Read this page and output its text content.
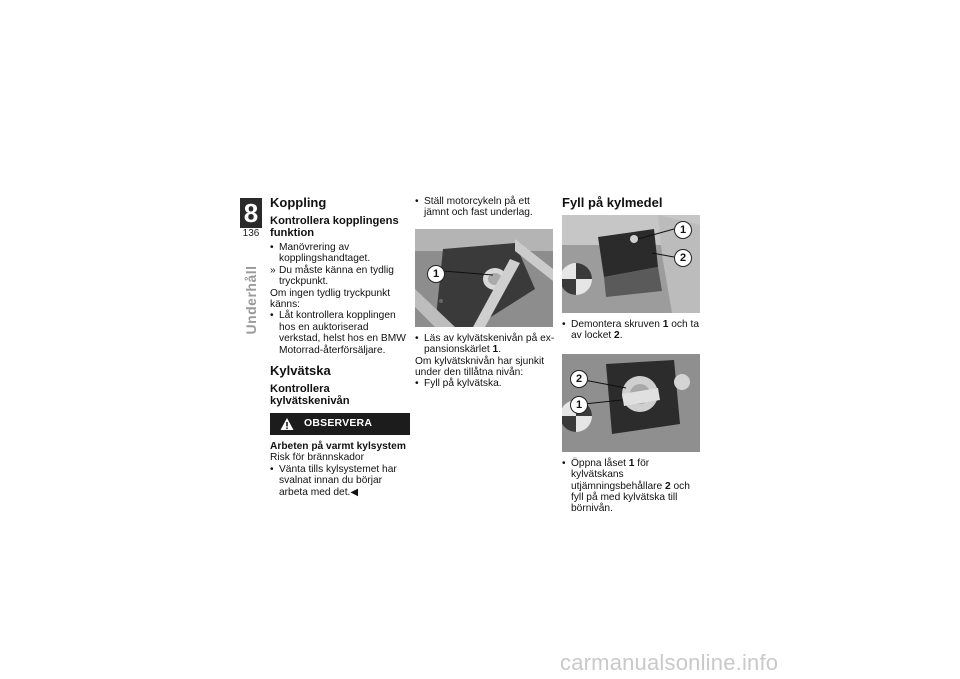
8
136
Underhåll
Koppling
Kontrollera kopplingens funktion

• Manövrering av kopplingshandtaget.

» Du måste känna en tydlig tryckpunkt.

Om ingen tydlig tryckpunkt känns:

• Låt kontrollera kopplingen hos en auktoriserad verkstad, helst hos en BMW Motorrad-återförsäljare.

Kylvätska
Kontrollera kylvätskenivån
OBSERVERA

Arbeten på varmt kylsystem

Risk för brännskador

• Vänta tills kylsystemet har svalnat innan du börjar arbeta med det.◀

• Ställ motorcykeln på ett jämnt och fast underlag.

1

• Läs av kylvätskenivån på expansionskärlet 1.

Om kylvätsknivån har sjunkit under den tillåtna nivån:

• Fyll på kylvätska.

Fyll på kylmedel
1
2

• Demontera skruven 1 och ta av locket 2.

2
1

• Öppna låset 1 för kylvätskans utjämningsbehållare 2 och fyll på med kylvätska till börnivån.

carmanualsonline.info
